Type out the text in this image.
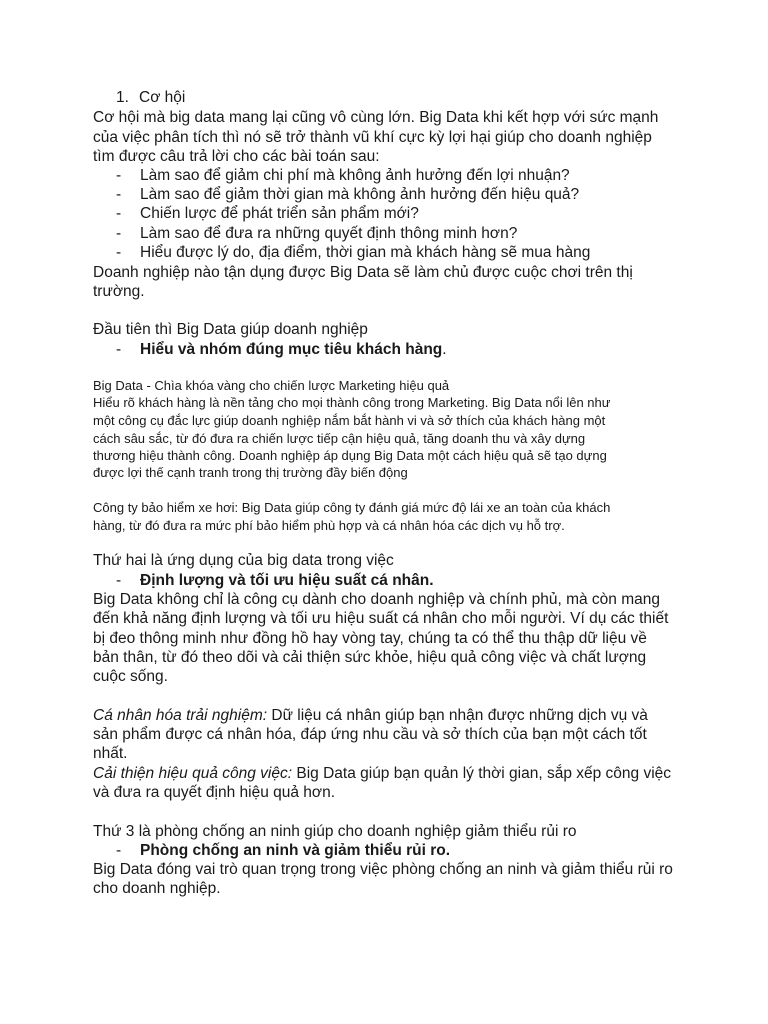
1. Cơ hội
Cơ hội mà big data mang lại cũng vô cùng lớn. Big Data khi kết hợp với sức mạnh
của việc phân tích thì nó sẽ trở thành vũ khí cực kỳ lợi hại giúp cho doanh nghiệp
tìm được câu trả lời cho các bài toán sau:
- Làm sao để giảm chi phí mà không ảnh hưởng đến lợi nhuận?
- Làm sao để giảm thời gian mà không ảnh hưởng đến hiệu quả?
- Chiến lược để phát triển sản phẩm mới?
- Làm sao để đưa ra những quyết định thông minh hơn?
- Hiểu được lý do, địa điểm, thời gian mà khách hàng sẽ mua hàng
Doanh nghiệp nào tận dụng được Big Data sẽ làm chủ được cuộc chơi trên thị
trường.
Đầu tiên thì Big Data giúp doanh nghiệp
- Hiểu và nhóm đúng mục tiêu khách hàng.
Big Data - Chìa khóa vàng cho chiến lược Marketing hiệu quả
Hiểu rõ khách hàng là nền tảng cho mọi thành công trong Marketing. Big Data nổi lên như
một công cụ đắc lực giúp doanh nghiệp nắm bắt hành vi và sở thích của khách hàng một
cách sâu sắc, từ đó đưa ra chiến lược tiếp cận hiệu quả, tăng doanh thu và xây dựng
thương hiệu thành công. Doanh nghiệp áp dụng Big Data một cách hiệu quả sẽ tạo dựng
được lợi thế cạnh tranh trong thị trường đầy biến động
Công ty bảo hiểm xe hơi: Big Data giúp công ty đánh giá mức độ lái xe an toàn của khách
hàng, từ đó đưa ra mức phí bảo hiểm phù hợp và cá nhân hóa các dịch vụ hỗ trợ.
Thứ hai là ứng dụng của big data trong việc
- Định lượng và tối ưu hiệu suất cá nhân.
Big Data không chỉ là công cụ dành cho doanh nghiệp và chính phủ, mà còn mang
đến khả năng định lượng và tối ưu hiệu suất cá nhân cho mỗi người. Ví dụ các thiết
bị đeo thông minh như đồng hồ hay vòng tay, chúng ta có thể thu thập dữ liệu về
bản thân, từ đó theo dõi và cải thiện sức khỏe, hiệu quả công việc và chất lượng
cuộc sống.
Cá nhân hóa trải nghiệm: Dữ liệu cá nhân giúp bạn nhận được những dịch vụ và
sản phẩm được cá nhân hóa, đáp ứng nhu cầu và sở thích của bạn một cách tốt
nhất.
Cải thiện hiệu quả công việc: Big Data giúp bạn quản lý thời gian, sắp xếp công việc
và đưa ra quyết định hiệu quả hơn.
Thứ 3 là phòng chống an ninh giúp cho doanh nghiệp giảm thiểu rủi ro
- Phòng chống an ninh và giảm thiểu rủi ro.
Big Data đóng vai trò quan trọng trong việc phòng chống an ninh và giảm thiểu rủi ro
cho doanh nghiệp.
